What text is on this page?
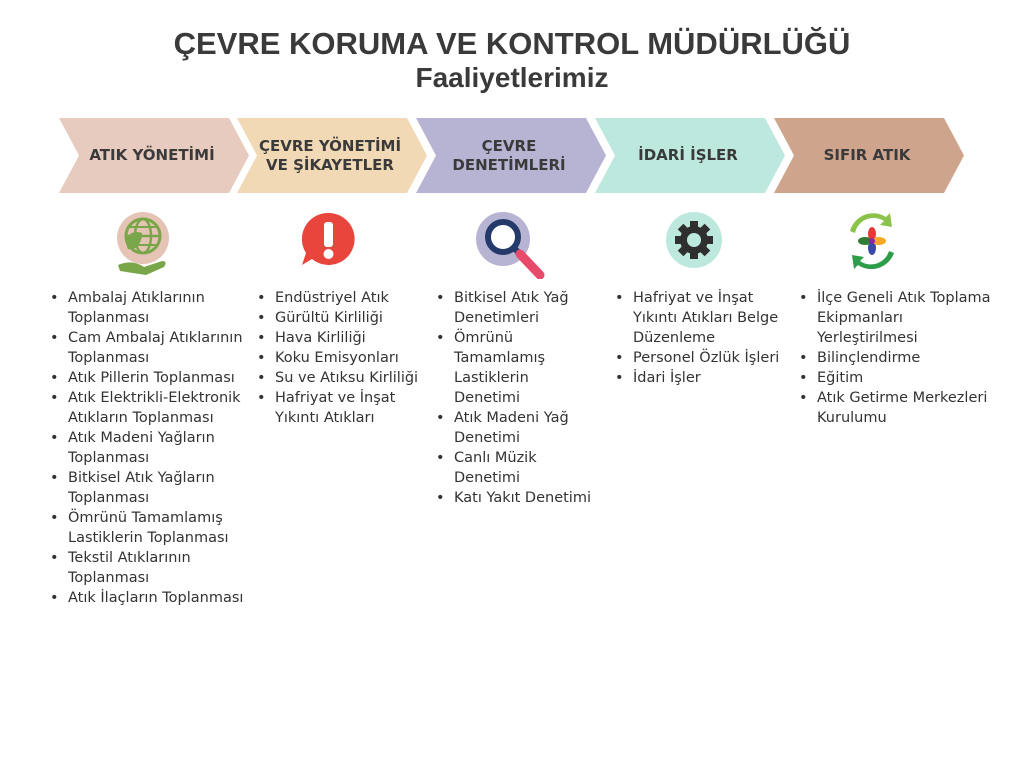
ÇEVRE KORUMA VE KONTROL MÜDÜRLÜĞÜ
Faaliyetlerimiz
ATIK YÖNETİMİ
ÇEVRE YÖNETİMİ VE ŞİKAYETLER
ÇEVRE DENETİMLERİ
İDARİ İŞLER	SIFIR ATIK
• Ambalaj Atıklarının Toplanması
• Cam Ambalaj Atıklarının Toplanması
• Atık Pillerin Toplanması
• Atık Elektrikli-Elektronik Atıkların Toplanması
• Atık Madeni Yağların Toplanması
• Bitkisel Atık Yağların Toplanması
• Ömrünü Tamamlamış Lastiklerin Toplanması
• Tekstil Atıklarının Toplanması
• Atık İlaçların Toplanması
• Endüstriyel Atık
• Gürültü Kirliliği
• Hava Kirliliği
• Koku Emisyonları
• Su ve Atıksu Kirliliği
• Hafriyat ve İnşat Yıkıntı Atıkları
• Bitkisel Atık Yağ Denetimleri
• Ömrünü Tamamlamış Lastiklerin Denetimi
• Atık Madeni Yağ Denetimi
• Canlı Müzik Denetimi
• Katı Yakıt Denetimi
• Hafriyat ve İnşat Yıkıntı Atıkları Belge Düzenleme
• Personel Özlük İşleri
• İdari İşler
• İlçe Geneli Atık Toplama Ekipmanları Yerleştirilmesi
• Bilinçlendirme
• Eğitim
• Atık Getirme Merkezleri Kurulumu
